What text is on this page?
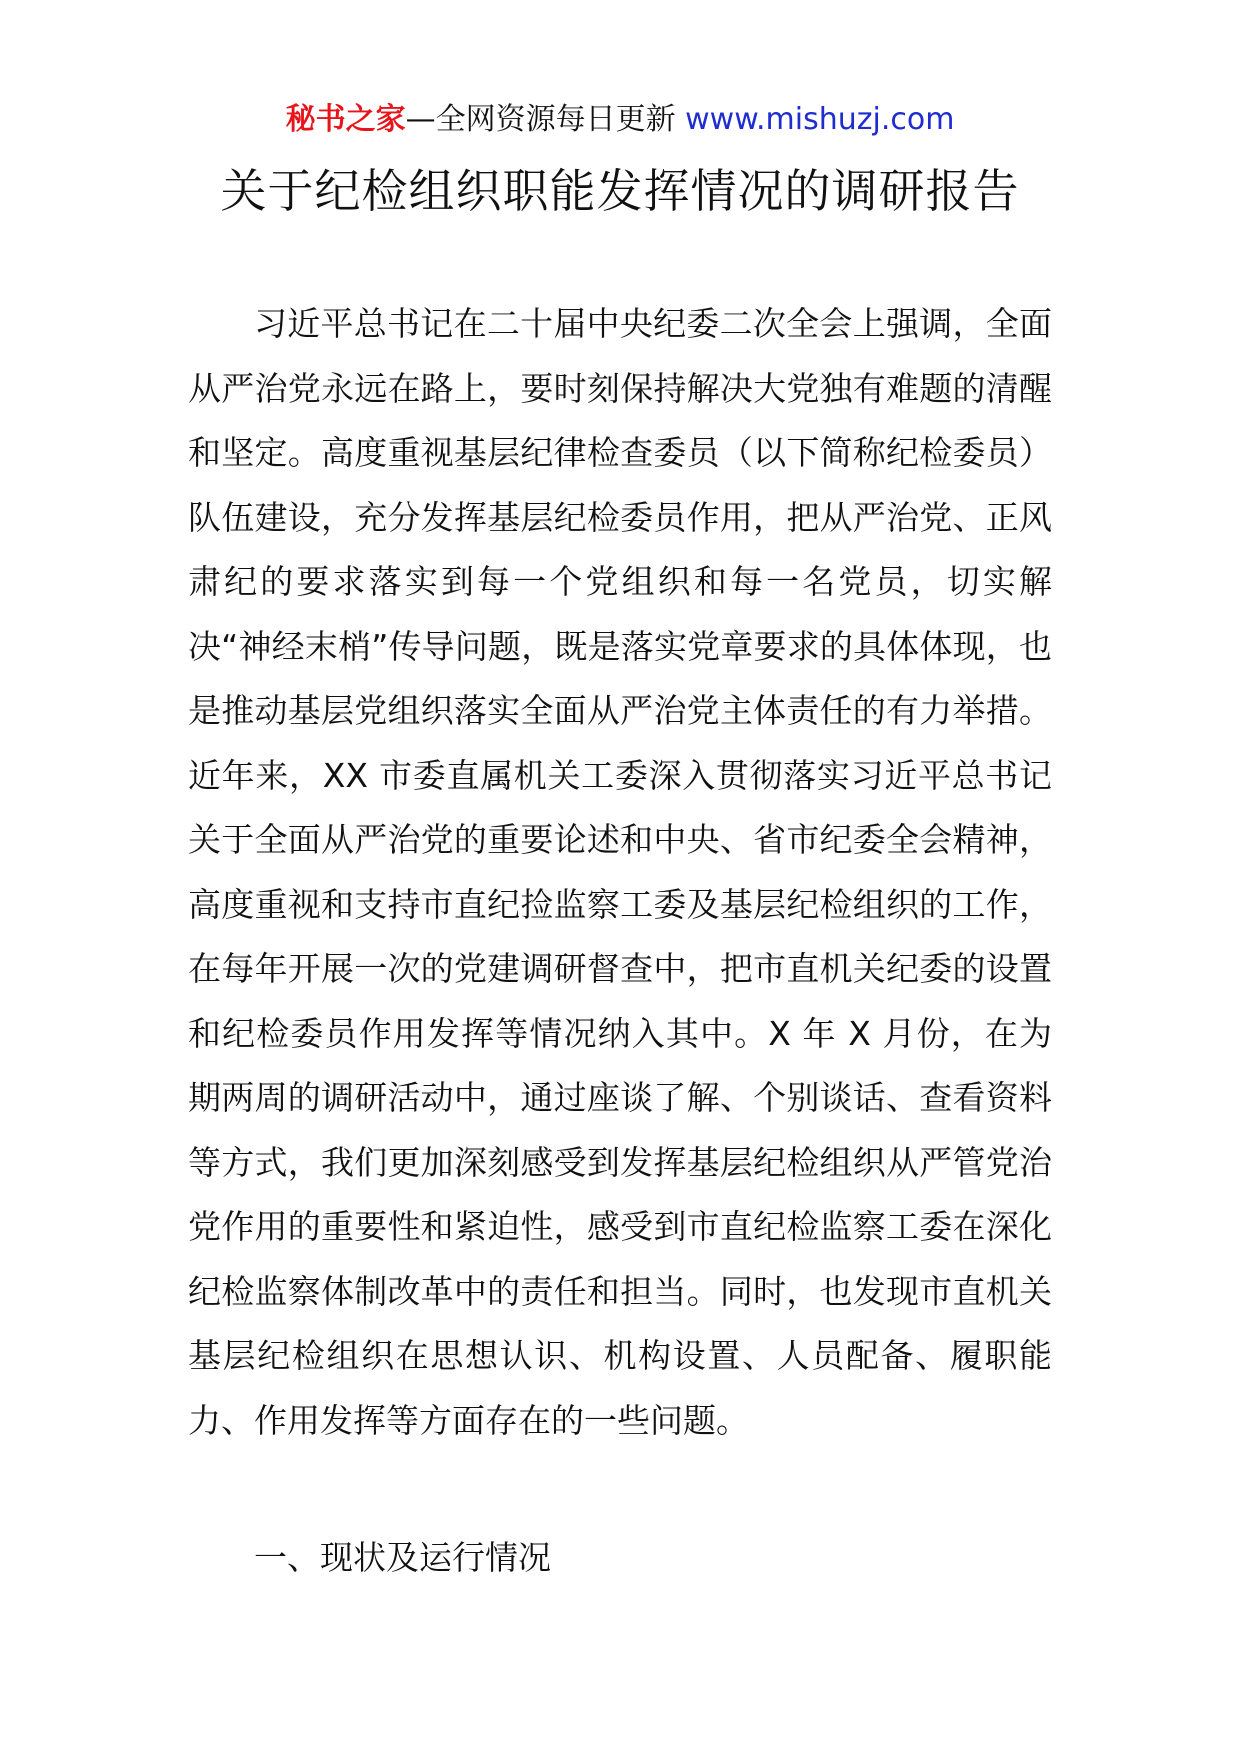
秘书之家—全网资源每日更新 www.mishuzj.com
关于纪检组织职能发挥情况的调研报告

习近平总书记在二十届中央纪委二次全会上强调，全面从严治党永远在路上，要时刻保持解决大党独有难题的清醒和坚定。高度重视基层纪律检查委员（以下简称纪检委员）队伍建设，充分发挥基层纪检委员作用，把从严治党、正风肃纪的要求落实到每一个党组织和每一名党员，切实解决“神经末梢”传导问题，既是落实党章要求的具体体现，也是推动基层党组织落实全面从严治党主体责任的有力举措。近年来，XX 市委直属机关工委深入贯彻落实习近平总书记关于全面从严治党的重要论述和中央、省市纪委全会精神，高度重视和支持市直纪捡监察工委及基层纪检组织的工作，在每年开展一次的党建调研督查中，把市直机关纪委的设置和纪检委员作用发挥等情况纳入其中。X 年 X 月份，在为期两周的调研活动中，通过座谈了解、个别谈话、查看资料等方式，我们更加深刻感受到发挥基层纪检组织从严管党治党作用的重要性和紧迫性，感受到市直纪检监察工委在深化纪检监察体制改革中的责任和担当。同时，也发现市直机关基层纪检组织在思想认识、机构设置、人员配备、履职能力、作用发挥等方面存在的一些问题。

一、现状及运行情况
